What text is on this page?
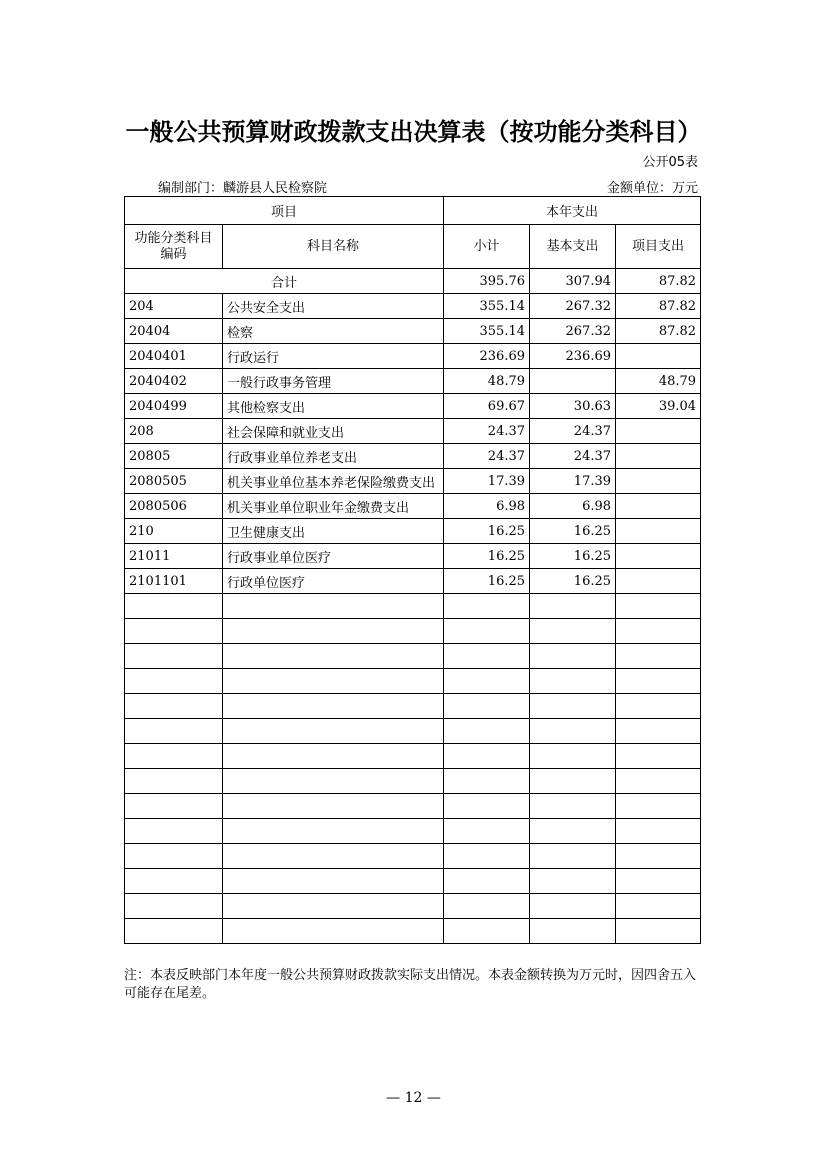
一般公共预算财政拨款支出决算表（按功能分类科目）
公开05表
编制部门：麟游县人民检察院	金额单位：万元
项目		本年支出		
功能分类科目编码	科目名称	小计	基本支出	项目支出
合计		395.76	307.94	87.82
204	公共安全支出	355.14	267.32	87.82
20404	检察	355.14	267.32	87.82
2040401	行政运行	236.69	236.69	
2040402	一般行政事务管理	48.79		48.79
2040499	其他检察支出	69.67	30.63	39.04
208	社会保障和就业支出	24.37	24.37	
20805	行政事业单位养老支出	24.37	24.37	
2080505	机关事业单位基本养老保险缴费支出	17.39	17.39	
2080506	机关事业单位职业年金缴费支出	6.98	6.98	
210	卫生健康支出	16.25	16.25	
21011	行政事业单位医疗	16.25	16.25	
2101101	行政单位医疗	16.25	16.25	

注：本表反映部门本年度一般公共预算财政拨款实际支出情况。本表金额转换为万元时，因四舍五入可能存在尾差。
— 12 —
